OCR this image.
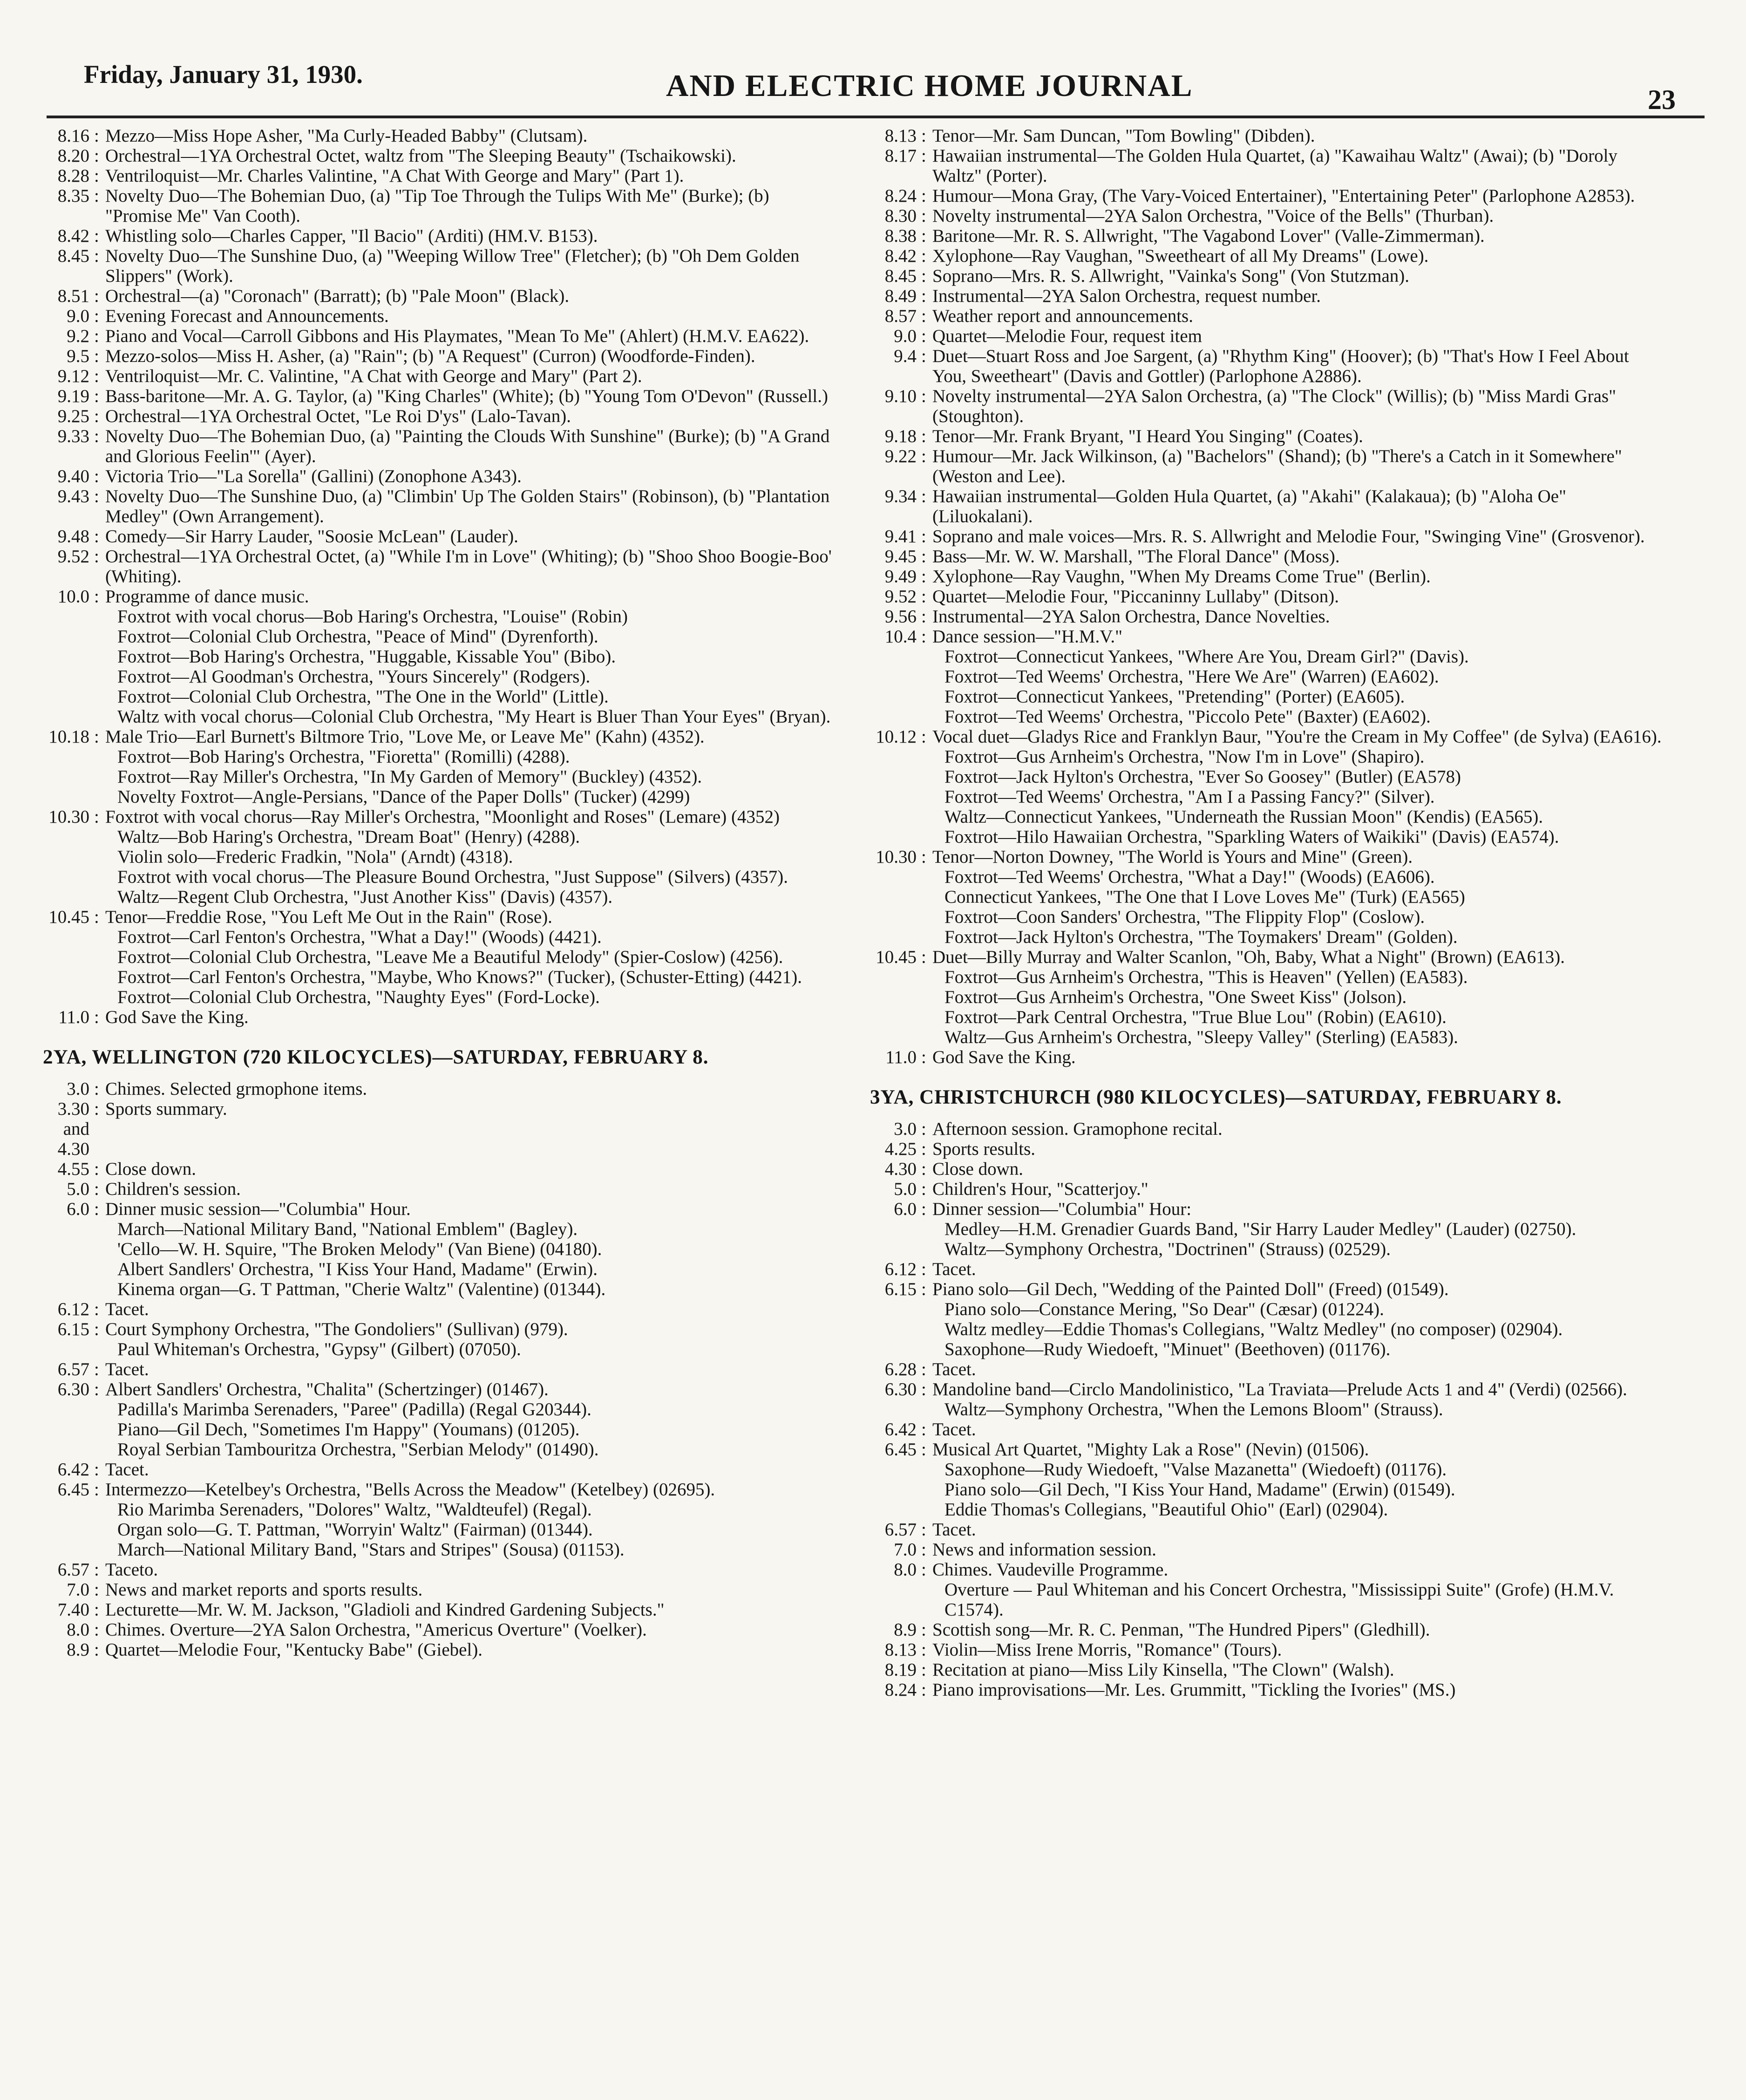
Friday, January 31, 1930.	AND ELECTRIC HOME JOURNAL	23
8.16 : Mezzo—Miss Hope Asher, "Ma Curly-Headed Babby" (Clutsam).
8.20 : Orchestral—1YA Orchestral Octet, waltz from "The Sleeping Beauty" (Tschaikowski).
8.28 : Ventriloquist—Mr. Charles Valintine, "A Chat With George and Mary" (Part 1).
8.35 : Novelty Duo—The Bohemian Duo, (a) "Tip Toe Through the Tulips With Me" (Burke); (b) "Promise Me" Van Cooth).
8.42 : Whistling solo—Charles Capper, "Il Bacio" (Arditi) (HM.V. B153).
8.45 : Novelty Duo—The Sunshine Duo, (a) "Weeping Willow Tree" (Fletcher); (b) "Oh Dem Golden Slippers" (Work).
8.51 : Orchestral—(a) "Coronach" (Barratt); (b) "Pale Moon" (Black).
9.0 : Evening Forecast and Announcements.
9.2 : Piano and Vocal—Carroll Gibbons and His Playmates, "Mean To Me" (Ahlert) (H.M.V. EA622).
9.5 : Mezzo-solos—Miss H. Asher, (a) "Rain"; (b) "A Request" (Curron) (Woodforde-Finden).
9.12 : Ventriloquist—Mr. C. Valintine, "A Chat with George and Mary" (Part 2).
9.19 : Bass-baritone—Mr. A. G. Taylor, (a) "King Charles" (White); (b) "Young Tom O'Devon" (Russell.)
9.25 : Orchestral—1YA Orchestral Octet, "Le Roi D'ys" (Lalo-Tavan).
9.33 : Novelty Duo—The Bohemian Duo, (a) "Painting the Clouds With Sunshine" (Burke); (b) "A Grand and Glorious Feelin'" (Ayer).
9.40 : Victoria Trio—"La Sorella" (Gallini) (Zonophone A343).
9.43 : Novelty Duo—The Sunshine Duo, (a) "Climbin' Up The Golden Stairs" (Robinson), (b) "Plantation Medley" (Own Arrangement).
9.48 : Comedy—Sir Harry Lauder, "Soosie McLean" (Lauder).
9.52 : Orchestral—1YA Orchestral Octet, (a) "While I'm in Love" (Whiting); (b) "Shoo Shoo Boogie-Boo' (Whiting).
10.0 : Programme of dance music.
Foxtrot with vocal chorus—Bob Haring's Orchestra, "Louise" (Robin)
Foxtrot—Colonial Club Orchestra, "Peace of Mind" (Dyrenforth).
Foxtrot—Bob Haring's Orchestra, "Huggable, Kissable You" (Bibo).
Foxtrot—Al Goodman's Orchestra, "Yours Sincerely" (Rodgers).
Foxtrot—Colonial Club Orchestra, "The One in the World" (Little).
Waltz with vocal chorus—Colonial Club Orchestra, "My Heart is Bluer Than Your Eyes" (Bryan).
10.18 : Male Trio—Earl Burnett's Biltmore Trio, "Love Me, or Leave Me" (Kahn) (4352).
Foxtrot—Bob Haring's Orchestra, "Fioretta" (Romilli) (4288).
Foxtrot—Ray Miller's Orchestra, "In My Garden of Memory" (Buckley) (4352).
Novelty Foxtrot—Angle-Persians, "Dance of the Paper Dolls" (Tucker) (4299)
10.30 : Foxtrot with vocal chorus—Ray Miller's Orchestra, "Moonlight and Roses" (Lemare) (4352)
Waltz—Bob Haring's Orchestra, "Dream Boat" (Henry) (4288).
Violin solo—Frederic Fradkin, "Nola" (Arndt) (4318).
Foxtrot with vocal chorus—The Pleasure Bound Orchestra, "Just Suppose" (Silvers) (4357).
Waltz—Regent Club Orchestra, "Just Another Kiss" (Davis) (4357).
10.45 : Tenor—Freddie Rose, "You Left Me Out in the Rain" (Rose).
Foxtrot—Carl Fenton's Orchestra, "What a Day!" (Woods) (4421).
Foxtrot—Colonial Club Orchestra, "Leave Me a Beautiful Melody" (Spier-Coslow) (4256).
Foxtrot—Carl Fenton's Orchestra, "Maybe, Who Knows?" (Tucker), (Schuster-Etting) (4421).
Foxtrot—Colonial Club Orchestra, "Naughty Eyes" (Ford-Locke).
11.0 : God Save the King.
2YA, WELLINGTON (720 KILOCYCLES)—SATURDAY, FEBRUARY 8.
3.0 : Chimes. Selected grmophone items.
3.30 and 4.30
: Sports summary.
4.55 : Close down.
5.0 : Children's session.
6.0 : Dinner music session—"Columbia" Hour.
March—National Military Band, "National Emblem" (Bagley).
'Cello—W. H. Squire, "The Broken Melody" (Van Biene) (04180).
Albert Sandlers' Orchestra, "I Kiss Your Hand, Madame" (Erwin).
Kinema organ—G. T Pattman, "Cherie Waltz" (Valentine) (01344).
6.12 : Tacet.
6.15 : Court Symphony Orchestra, "The Gondoliers" (Sullivan) (979).
Paul Whiteman's Orchestra, "Gypsy" (Gilbert) (07050).
6.57 : Tacet.
6.30 : Albert Sandlers' Orchestra, "Chalita" (Schertzinger) (01467).
Padilla's Marimba Serenaders, "Paree" (Padilla) (Regal G20344).
Piano—Gil Dech, "Sometimes I'm Happy" (Youmans) (01205).
Royal Serbian Tambouritza Orchestra, "Serbian Melody" (01490).
6.42 : Tacet.
6.45 : Intermezzo—Ketelbey's Orchestra, "Bells Across the Meadow" (Ketelbey) (02695).
Rio Marimba Serenaders, "Dolores" Waltz, "Waldteufel) (Regal).
Organ solo—G. T. Pattman, "Worryin' Waltz" (Fairman) (01344).
March—National Military Band, "Stars and Stripes" (Sousa) (01153).
6.57 : Taceto.
7.0 : News and market reports and sports results.
7.40 : Lecturette—Mr. W. M. Jackson, "Gladioli and Kindred Gardening Subjects."
8.0 : Chimes. Overture—2YA Salon Orchestra, "Americus Overture" (Voelker).
8.9 : Quartet—Melodie Four, "Kentucky Babe" (Giebel).
8.13 : Tenor—Mr. Sam Duncan, "Tom Bowling" (Dibden).
8.17 : Hawaiian instrumental—The Golden Hula Quartet, (a) "Kawaihau Waltz" (Awai); (b) "Doroly Waltz" (Porter).
8.24 : Humour—Mona Gray, (The Vary-Voiced Entertainer), "Entertaining Peter" (Parlophone A2853).
8.30 : Novelty instrumental—2YA Salon Orchestra, "Voice of the Bells" (Thurban).
8.38 : Baritone—Mr. R. S. Allwright, "The Vagabond Lover" (Valle-Zimmerman).
8.42 : Xylophone—Ray Vaughan, "Sweetheart of all My Dreams" (Lowe).
8.45 : Soprano—Mrs. R. S. Allwright, "Vainka's Song" (Von Stutzman).
8.49 : Instrumental—2YA Salon Orchestra, request number.
8.57 : Weather report and announcements.
9.0 : Quartet—Melodie Four, request item
9.4 : Duet—Stuart Ross and Joe Sargent, (a) "Rhythm King" (Hoover); (b) "That's How I Feel About You, Sweetheart" (Davis and Gottler) (Parlophone A2886).
9.10 : Novelty instrumental—2YA Salon Orchestra, (a) "The Clock" (Willis); (b) "Miss Mardi Gras" (Stoughton).
9.18 : Tenor—Mr. Frank Bryant, "I Heard You Singing" (Coates).
9.22 : Humour—Mr. Jack Wilkinson, (a) "Bachelors" (Shand); (b) "There's a Catch in it Somewhere" (Weston and Lee).
9.34 : Hawaiian instrumental—Golden Hula Quartet, (a) "Akahi" (Kalakaua); (b) "Aloha Oe" (Liluokalani).
9.41 : Soprano and male voices—Mrs. R. S. Allwright and Melodie Four, "Swinging Vine" (Grosvenor).
9.45 : Bass—Mr. W. W. Marshall, "The Floral Dance" (Moss).
9.49 : Xylophone—Ray Vaughn, "When My Dreams Come True" (Berlin).
9.52 : Quartet—Melodie Four, "Piccaninny Lullaby" (Ditson).
9.56 : Instrumental—2YA Salon Orchestra, Dance Novelties.
10.4 : Dance session—"H.M.V."
Foxtrot—Connecticut Yankees, "Where Are You, Dream Girl?" (Davis).
Foxtrot—Ted Weems' Orchestra, "Here We Are" (Warren) (EA602).
Foxtrot—Connecticut Yankees, "Pretending" (Porter) (EA605).
Foxtrot—Ted Weems' Orchestra, "Piccolo Pete" (Baxter) (EA602).
10.12 : Vocal duet—Gladys Rice and Franklyn Baur, "You're the Cream in My Coffee" (de Sylva) (EA616).
Foxtrot—Gus Arnheim's Orchestra, "Now I'm in Love" (Shapiro).
Foxtrot—Jack Hylton's Orchestra, "Ever So Goosey" (Butler) (EA578)
Foxtrot—Ted Weems' Orchestra, "Am I a Passing Fancy?" (Silver).
Waltz—Connecticut Yankees, "Underneath the Russian Moon" (Kendis) (EA565).
Foxtrot—Hilo Hawaiian Orchestra, "Sparkling Waters of Waikiki" (Davis) (EA574).
10.30 : Tenor—Norton Downey, "The World is Yours and Mine" (Green).
Foxtrot—Ted Weems' Orchestra, "What a Day!" (Woods) (EA606).
Connecticut Yankees, "The One that I Love Loves Me" (Turk) (EA565)
Foxtrot—Coon Sanders' Orchestra, "The Flippity Flop" (Coslow).
Foxtrot—Jack Hylton's Orchestra, "The Toymakers' Dream" (Golden).
10.45 : Duet—Billy Murray and Walter Scanlon, "Oh, Baby, What a Night" (Brown) (EA613).
Foxtrot—Gus Arnheim's Orchestra, "This is Heaven" (Yellen) (EA583).
Foxtrot—Gus Arnheim's Orchestra, "One Sweet Kiss" (Jolson).
Foxtrot—Park Central Orchestra, "True Blue Lou" (Robin) (EA610).
Waltz—Gus Arnheim's Orchestra, "Sleepy Valley" (Sterling) (EA583).
11.0 : God Save the King.
3YA, CHRISTCHURCH (980 KILOCYCLES)—SATURDAY, FEBRUARY 8.
3.0 : Afternoon session. Gramophone recital.
4.25 : Sports results.
4.30 : Close down.
5.0 : Children's Hour, "Scatterjoy."
6.0 : Dinner session—"Columbia" Hour:
Medley—H.M. Grenadier Guards Band, "Sir Harry Lauder Medley" (Lauder) (02750).
Waltz—Symphony Orchestra, "Doctrinen" (Strauss) (02529).
6.12 : Tacet.
6.15 : Piano solo—Gil Dech, "Wedding of the Painted Doll" (Freed) (01549).
Piano solo—Constance Mering, "So Dear" (Cæsar) (01224).
Waltz medley—Eddie Thomas's Collegians, "Waltz Medley" (no composer) (02904).
Saxophone—Rudy Wiedoeft, "Minuet" (Beethoven) (01176).
6.28 : Tacet.
6.30 : Mandoline band—Circlo Mandolinistico, "La Traviata—Prelude Acts 1 and 4" (Verdi) (02566).
Waltz—Symphony Orchestra, "When the Lemons Bloom" (Strauss).
6.42 : Tacet.
6.45 : Musical Art Quartet, "Mighty Lak a Rose" (Nevin) (01506).
Saxophone—Rudy Wiedoeft, "Valse Mazanetta" (Wiedoeft) (01176).
Piano solo—Gil Dech, "I Kiss Your Hand, Madame" (Erwin) (01549).
Eddie Thomas's Collegians, "Beautiful Ohio" (Earl) (02904).
6.57 : Tacet.
7.0 : News and information session.
8.0 : Chimes. Vaudeville Programme.
Overture — Paul Whiteman and his Concert Orchestra, "Mississippi Suite" (Grofe) (H.M.V. C1574).
8.9 : Scottish song—Mr. R. C. Penman, "The Hundred Pipers" (Gledhill).
8.13 : Violin—Miss Irene Morris, "Romance" (Tours).
8.19 : Recitation at piano—Miss Lily Kinsella, "The Clown" (Walsh).
8.24 : Piano improvisations—Mr. Les. Grummitt, "Tickling the Ivories" (MS.)
